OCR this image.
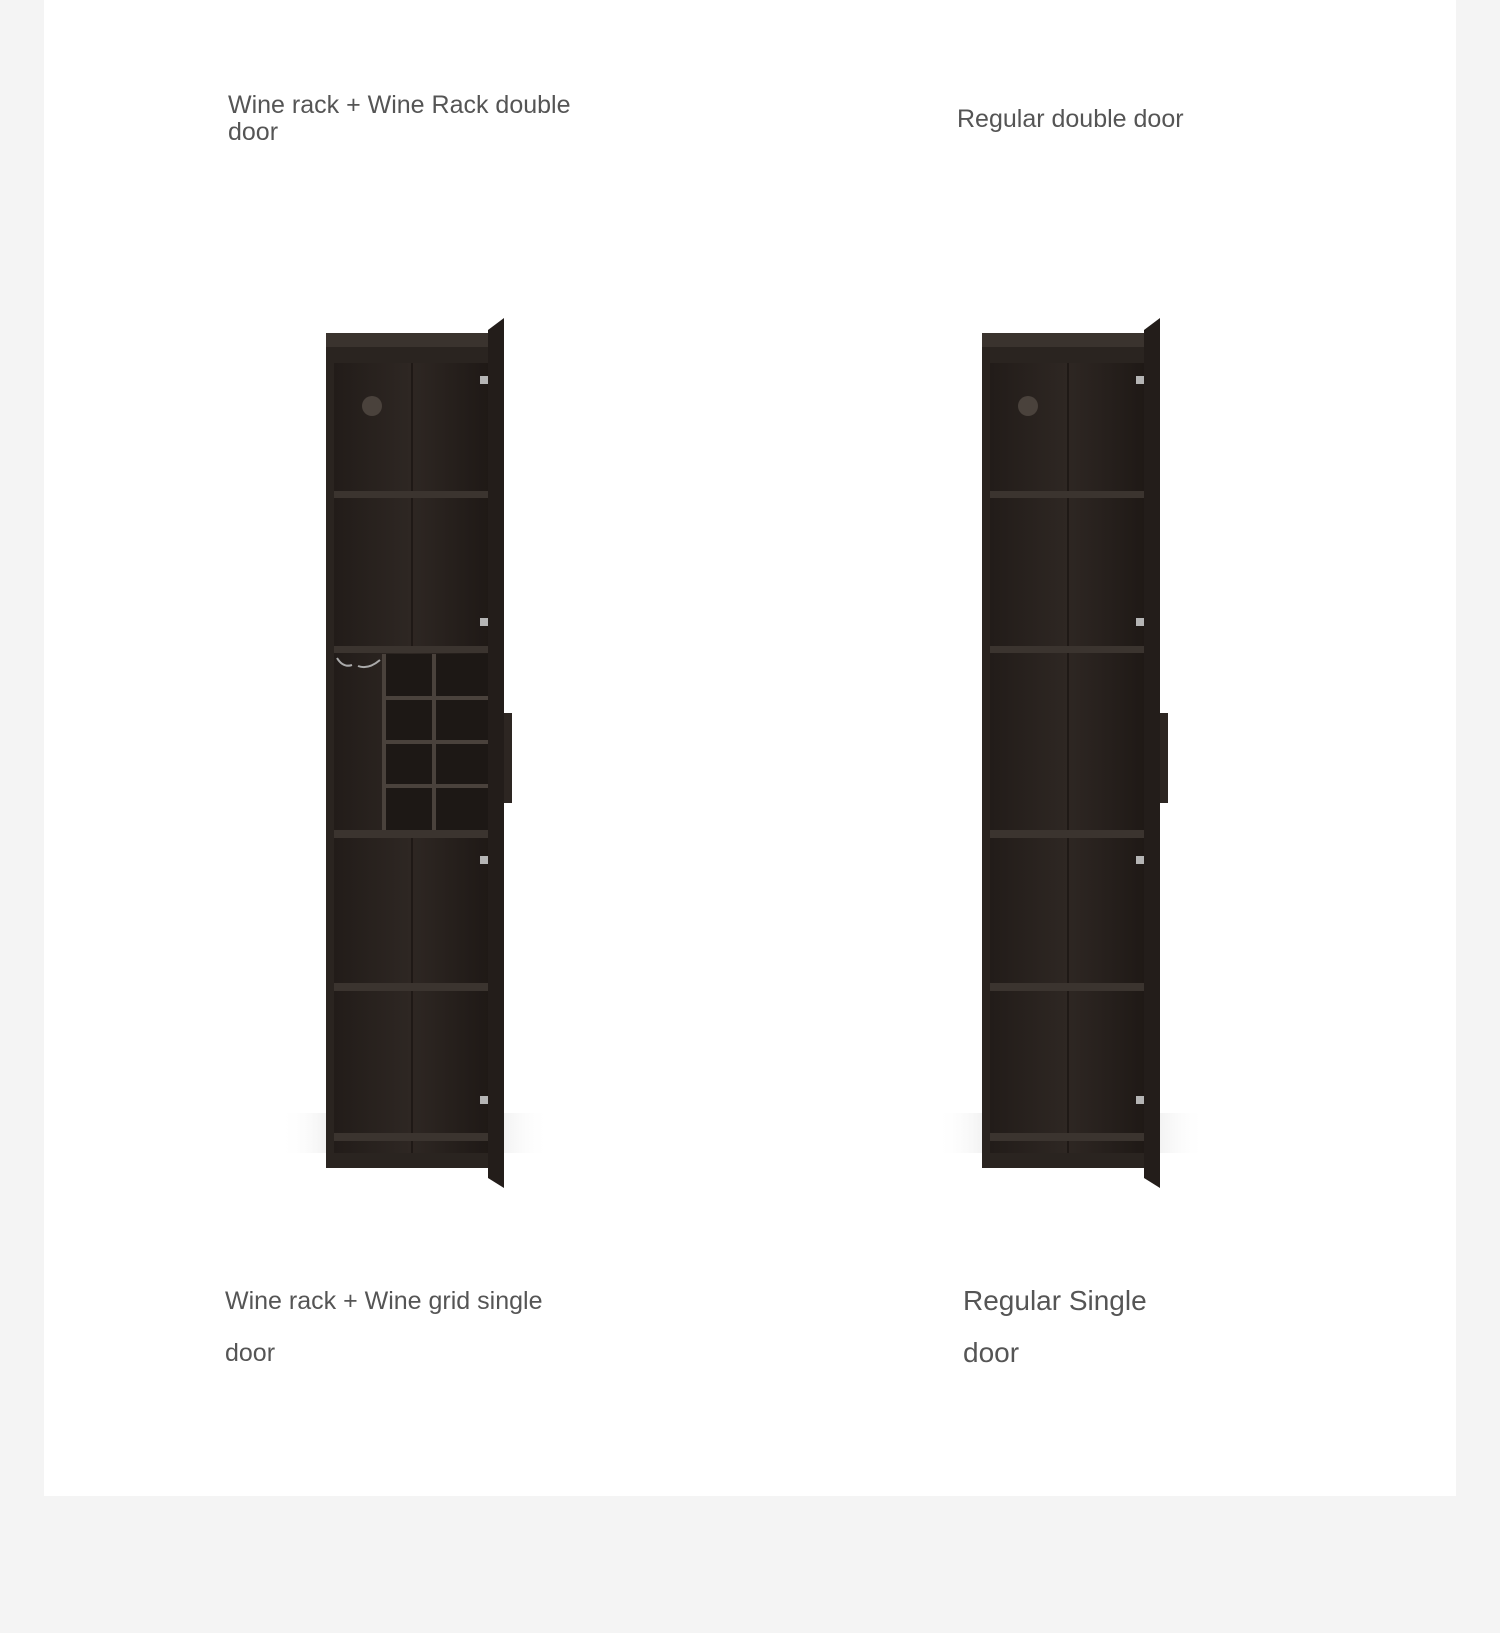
Wine rack + Wine Rack double door	Regular double door
Wine rack + Wine grid single door
Regular Single door
